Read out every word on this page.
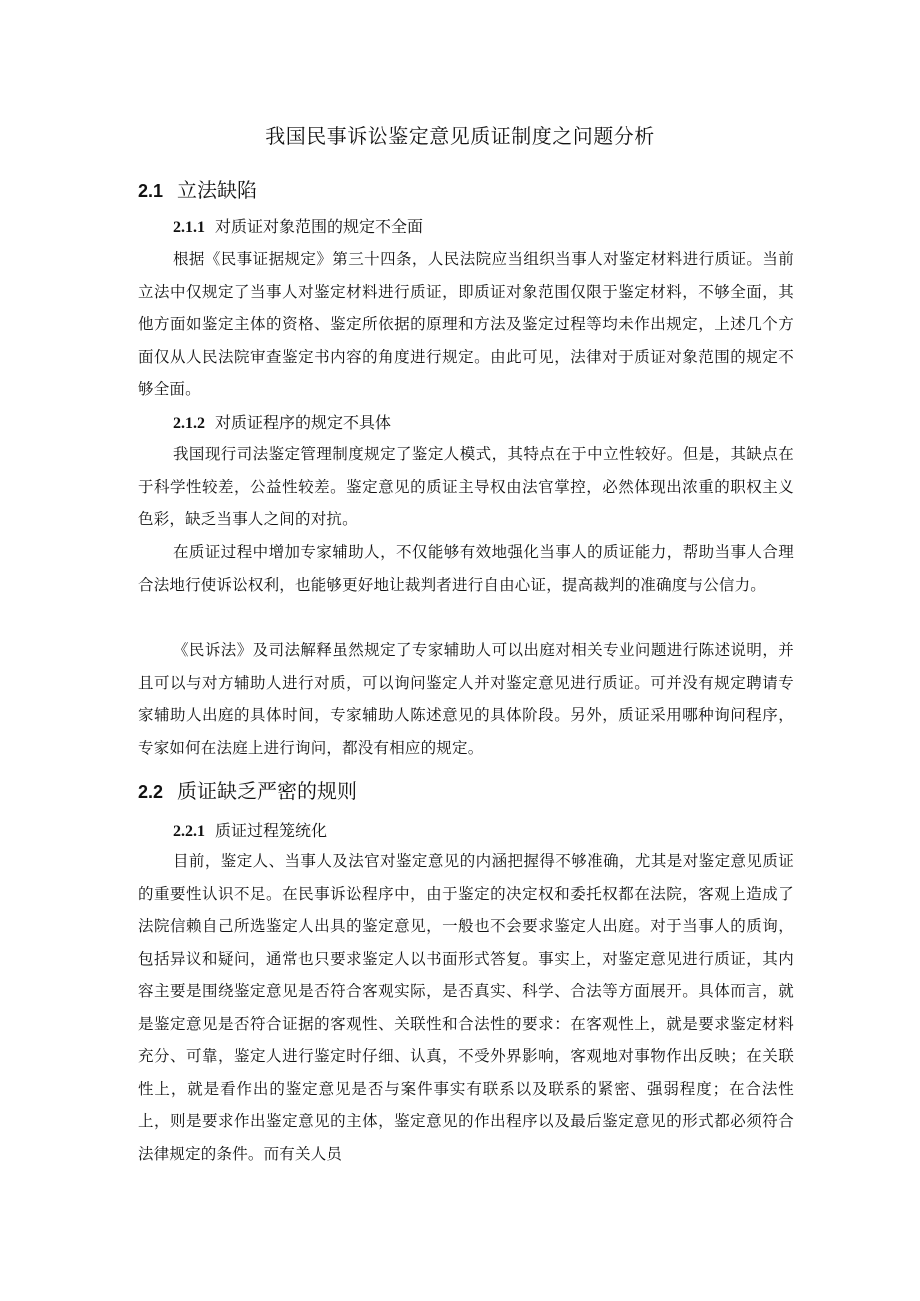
我国民事诉讼鉴定意见质证制度之问题分析
2.1 立法缺陷
2.1.1 对质证对象范围的规定不全面

根据《民事证据规定》第三十四条，人民法院应当组织当事人对鉴定材料进行质证。当前立法中仅规定了当事人对鉴定材料进行质证，即质证对象范围仅限于鉴定材料，不够全面，其他方面如鉴定主体的资格、鉴定所依据的原理和方法及鉴定过程等均未作出规定，上述几个方面仅从人民法院审查鉴定书内容的角度进行规定。由此可见，法律对于质证对象范围的规定不够全面。

2.1.2 对质证程序的规定不具体

我国现行司法鉴定管理制度规定了鉴定人模式，其特点在于中立性较好。但是，其缺点在于科学性较差，公益性较差。鉴定意见的质证主导权由法官掌控，必然体现出浓重的职权主义色彩，缺乏当事人之间的对抗。

在质证过程中增加专家辅助人，不仅能够有效地强化当事人的质证能力，帮助当事人合理合法地行使诉讼权利，也能够更好地让裁判者进行自由心证，提高裁判的准确度与公信力。

《民诉法》及司法解释虽然规定了专家辅助人可以出庭对相关专业问题进行陈述说明，并且可以与对方辅助人进行对质，可以询问鉴定人并对鉴定意见进行质证。可并没有规定聘请专家辅助人出庭的具体时间，专家辅助人陈述意见的具体阶段。另外，质证采用哪种询问程序，专家如何在法庭上进行询问，都没有相应的规定。

2.2 质证缺乏严密的规则
2.2.1 质证过程笼统化

目前，鉴定人、当事人及法官对鉴定意见的内涵把握得不够准确，尤其是对鉴定意见质证的重要性认识不足。在民事诉讼程序中，由于鉴定的决定权和委托权都在法院，客观上造成了法院信赖自己所选鉴定人出具的鉴定意见，一般也不会要求鉴定人出庭。对于当事人的质询，包括异议和疑问，通常也只要求鉴定人以书面形式答复。事实上，对鉴定意见进行质证，其内容主要是围绕鉴定意见是否符合客观实际，是否真实、科学、合法等方面展开。具体而言，就是鉴定意见是否符合证据的客观性、关联性和合法性的要求：在客观性上，就是要求鉴定材料充分、可靠，鉴定人进行鉴定时仔细、认真，不受外界影响，客观地对事物作出反映；在关联性上，就是看作出的鉴定意见是否与案件事实有联系以及联系的紧密、强弱程度；在合法性上，则是要求作出鉴定意见的主体，鉴定意见的作出程序以及最后鉴定意见的形式都必须符合法律规定的条件。而有关人员
